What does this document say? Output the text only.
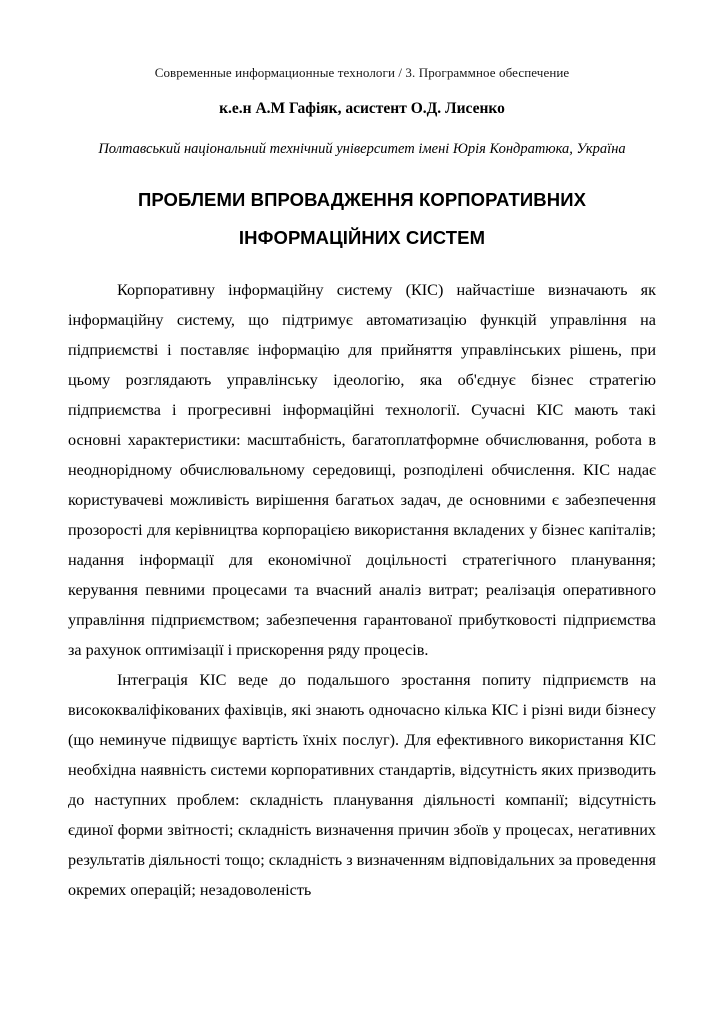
Современные информационные технологи / 3. Программное обеспечение
к.е.н А.М Гафіяк, асистент О.Д. Лисенко
Полтавський національний технічний університет імені Юрія Кондратюка, Україна
ПРОБЛЕМИ ВПРОВАДЖЕННЯ КОРПОРАТИВНИХ ІНФОРМАЦІЙНИХ СИСТЕМ

Корпоративну інформаційну систему (КІС) найчастіше визначають як інформаційну систему, що підтримує автоматизацію функцій управління на підприємстві і поставляє інформацію для прийняття управлінських рішень, при цьому розглядають управлінську ідеологію, яка об'єднує бізнес стратегію підприємства і прогресивні інформаційні технології. Сучасні КІС мають такі основні характеристики: масштабність, багатоплатформне обчислювання, робота в неоднорідному обчислювальному середовищі, розподілені обчислення. КІС надає користувачеві можливість вирішення багатьох задач, де основними є забезпечення прозорості для керівництва корпорацією використання вкладених у бізнес капіталів; надання інформації для економічної доцільності стратегічного планування; керування певними процесами та вчасний аналіз витрат; реалізація оперативного управління підприємством; забезпечення гарантованої прибутковості підприємства за рахунок оптимізації і прискорення ряду процесів.

Інтеграція КІС веде до подальшого зростання попиту підприємств на висококваліфікованих фахівців, які знають одночасно кілька КІС і різні види бізнесу (що неминуче підвищує вартість їхніх послуг). Для ефективного використання КІС необхідна наявність системи корпоративних стандартів, відсутність яких призводить до наступних проблем: складність планування діяльності компанії; відсутність єдиної форми звітності; складність визначення причин збоїв у процесах, негативних результатів діяльності тощо; складність з визначенням відповідальних за проведення окремих операцій; незадоволеність
